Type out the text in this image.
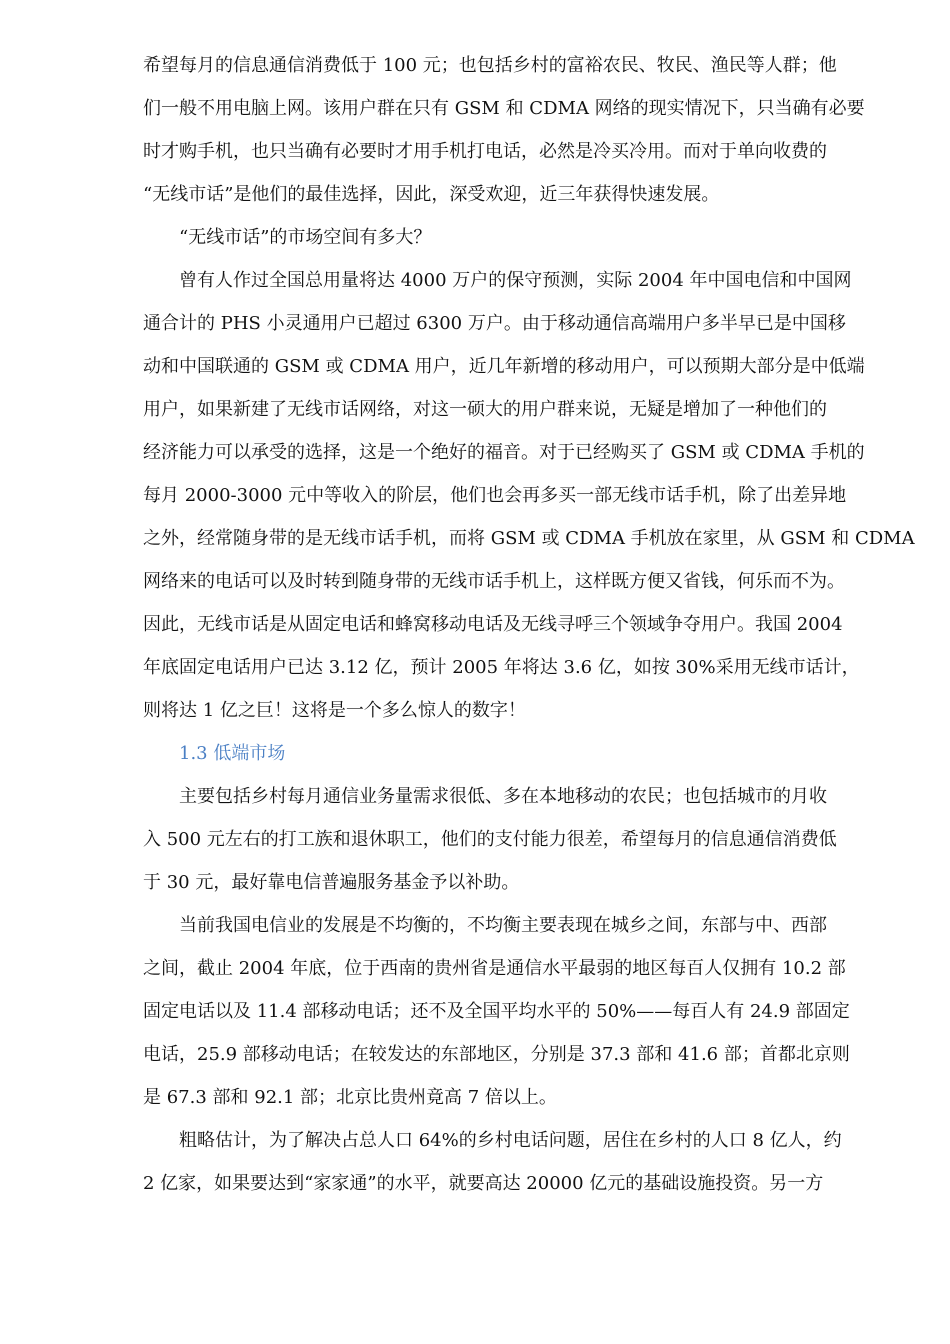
希望每月的信息通信消费低于 100 元；也包括乡村的富裕农民、牧民、渔民等人群；他
们一般不用电脑上网。该用户群在只有 GSM 和 CDMA 网络的现实情况下，只当确有必要
时才购手机，也只当确有必要时才用手机打电话，必然是冷买冷用。而对于单向收费的
“无线市话”是他们的最佳选择，因此，深受欢迎，近三年获得快速发展。
“无线市话”的市场空间有多大？
曾有人作过全国总用量将达 4000 万户的保守预测，实际 2004 年中国电信和中国网
通合计的 PHS 小灵通用户已超过 6300 万户。由于移动通信高端用户多半早已是中国移
动和中国联通的 GSM 或 CDMA 用户，近几年新增的移动用户，可以预期大部分是中低端
用户，如果新建了无线市话网络，对这一硕大的用户群来说，无疑是增加了一种他们的
经济能力可以承受的选择，这是一个绝好的福音。对于已经购买了 GSM 或 CDMA 手机的
每月 2000-3000 元中等收入的阶层，他们也会再多买一部无线市话手机，除了出差异地
之外，经常随身带的是无线市话手机，而将 GSM 或 CDMA 手机放在家里，从 GSM 和 CDMA
网络来的电话可以及时转到随身带的无线市话手机上，这样既方便又省钱，何乐而不为。
因此，无线市话是从固定电话和蜂窝移动电话及无线寻呼三个领域争夺用户。我国 2004
年底固定电话用户已达 3.12 亿，预计 2005 年将达 3.6 亿，如按 30%采用无线市话计，
则将达 1 亿之巨！这将是一个多么惊人的数字！
1.3 低端市场
主要包括乡村每月通信业务量需求很低、多在本地移动的农民；也包括城市的月收
入 500 元左右的打工族和退休职工，他们的支付能力很差，希望每月的信息通信消费低
于 30 元，最好靠电信普遍服务基金予以补助。
当前我国电信业的发展是不均衡的，不均衡主要表现在城乡之间，东部与中、西部
之间，截止 2004 年底，位于西南的贵州省是通信水平最弱的地区每百人仅拥有 10.2 部
固定电话以及 11.4 部移动电话；还不及全国平均水平的 50%——每百人有 24.9 部固定
电话，25.9 部移动电话；在较发达的东部地区，分别是 37.3 部和 41.6 部；首都北京则
是 67.3 部和 92.1 部；北京比贵州竟高 7 倍以上。
粗略估计，为了解决占总人口 64%的乡村电话问题，居住在乡村的人口 8 亿人，约
2 亿家，如果要达到“家家通”的水平，就要高达 20000 亿元的基础设施投资。另一方
